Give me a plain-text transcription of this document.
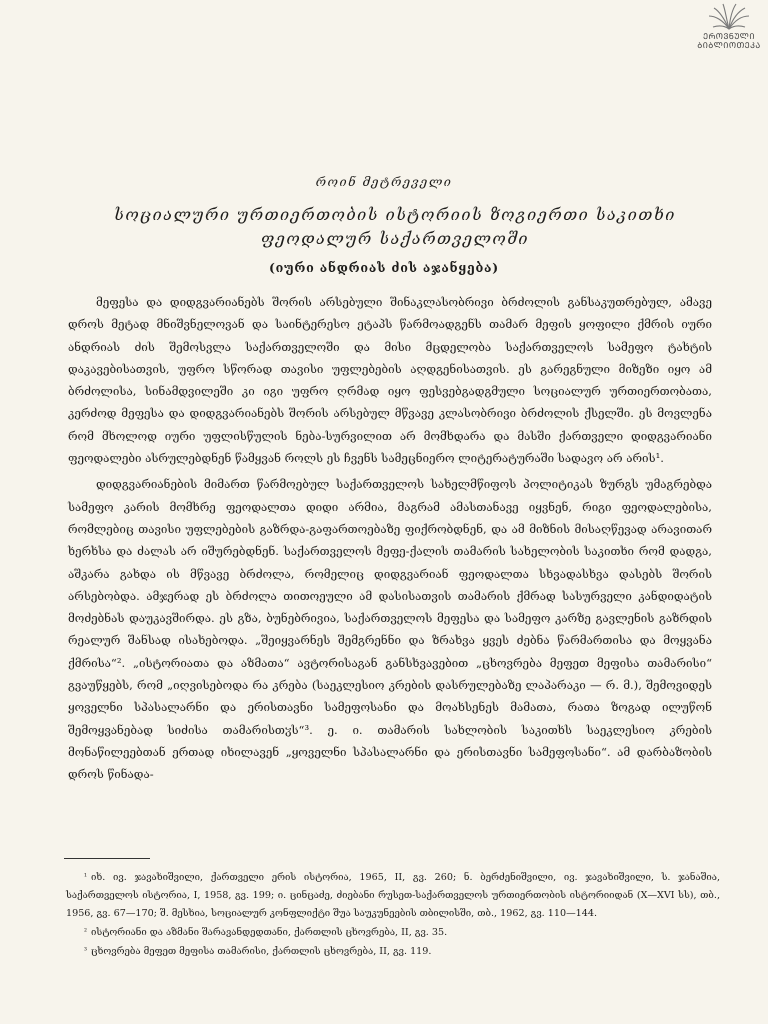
ᲔᲠᲝᲕᲜᲣᲚᲘ
ᲑᲘᲑᲚᲘᲝᲗᲔᲙᲐ
როინ მეტრეველი
სოციალური ურთიერთობის ისტორიის ზოგიერთი საკითხი ფეოდალურ საქართველოში
(იური ანდრიას ძის აჯანყება)

მეფესა და დიდგვარიანებს შორის არსებული შინაკლასობრივი ბრძოლის განსაკუთრებულ, ამავე დროს მეტად მნიშვნელოვან და საინტერესო ეტაპს წარმოადგენს თამარ მეფის ყოფილი ქმრის იური ანდრიას ძის შემოსვლა საქართველოში და მისი მცდელობა საქართველოს სამეფო ტახტის დაკავებისათვის, უფრო სწორად თავისი უფლებების აღდგენისათვის. ეს გარეგნული მიზეზი იყო ამ ბრძოლისა, სინამდვილეში კი იგი უფრო ღრმად იყო ფესვებგადგმული სოციალურ ურთიერთობათა, კერძოდ მეფესა და დიდგვარიანებს შორის არსებულ მწვავე კლასობრივი ბრძოლის ქსელში. ეს მოვლენა რომ მხოლოდ იური უფლისწულის ნება-სურვილით არ მომხდარა და მასში ქართველი დიდგვარიანი ფეოდალები ასრულებდნენ წამყვან როლს ეს ჩვენს სამეცნიერო ლიტერატურაში სადავო არ არის¹.

დიდგვარიანების მიმართ წარმოებულ საქართველოს სახელმწიფოს პოლიტიკას ზურგს უმაგრებდა სამეფო კარის მომხრე ფეოდალთა დიდი არმია, მაგრამ ამასთანავე იყვნენ, რიგი ფეოდალებისა, რომლებიც თავისი უფლებების გაზრდა-გაფართოებაზე ფიქრობდნენ, და ამ მიზნის მისაღწევად არავითარ ხერხსა და ძალას არ იშურებდნენ. საქართველოს მეფე-ქალის თამარის სახელობის საკითხი რომ დადგა, აშკარა გახდა ის მწვავე ბრძოლა, რომელიც დიდგვარიან ფეოდალთა სხვადასხვა დასებს შორის არსებობდა. ამჯერად ეს ბრძოლა თითოეული ამ დასისათვის თამარის ქმრად სასურველი კანდიდატის მოძებნას დაუკავშირდა. ეს გზა, ბუნებრივია, საქართველოს მეფესა და სამეფო კარზე გავლენის გაზრდის რეალურ შანსად ისახებოდა. „შეიყვარნეს შემგრენნი და ზრახვა ყვეს ძებნა წარმართისა და მოყვანა ქმრისა“². „ისტორიათა და აზმათა“ ავტორისაგან განსხვავებით „ცხოვრება მეფეთ მეფისა თამარისი“ გვაუწყებს, რომ „იღვისებოდა რა კრება (საეკლესიო კრების დასრულებაზე ლაპარაკი — რ. მ.), შემოვიდეს ყოველნი სპასალარნი და ერისთავნი სამეფოსანი და მოახსენეს მამათა, რათა ზოგად ილუწონ შემოყვანებად სიძისა თამარისთჳს“³. ე. ი. თამარის სახლობის საკითხს საეკლესიო კრების მონაწილეებთან ერთად იხილავენ „ყოველნი სპასალარნი და ერისთავნი სამეფოსანი“. ამ დარბაზობის დროს წინადა-

¹ იხ. ივ. ჯავახიშვილი, ქართველი ერის ისტორია, 1965, II, გვ. 260; ნ. ბერძენიშვილი, ივ. ჯავახიშვილი, ს. ჯანაშია, საქართველოს ისტორია, I, 1958, გვ. 199; ი. ცინცაძე, ძიებანი რუსეთ-საქართველოს ურთიერთობის ისტორიიდან (X—XVI სს), თბ., 1956, გვ. 67—170; შ. მესხია, სოციალურ კონფლიქტი შუა საუკუნეების თბილისში, თბ., 1962, გვ. 110—144.

² ისტორიანი და აზმანი შარავანდედთანი, ქართლის ცხოვრება, II, გვ. 35.

³ ცხოვრება მეფეთ მეფისა თამარისი, ქართლის ცხოვრება, II, გვ. 119.
